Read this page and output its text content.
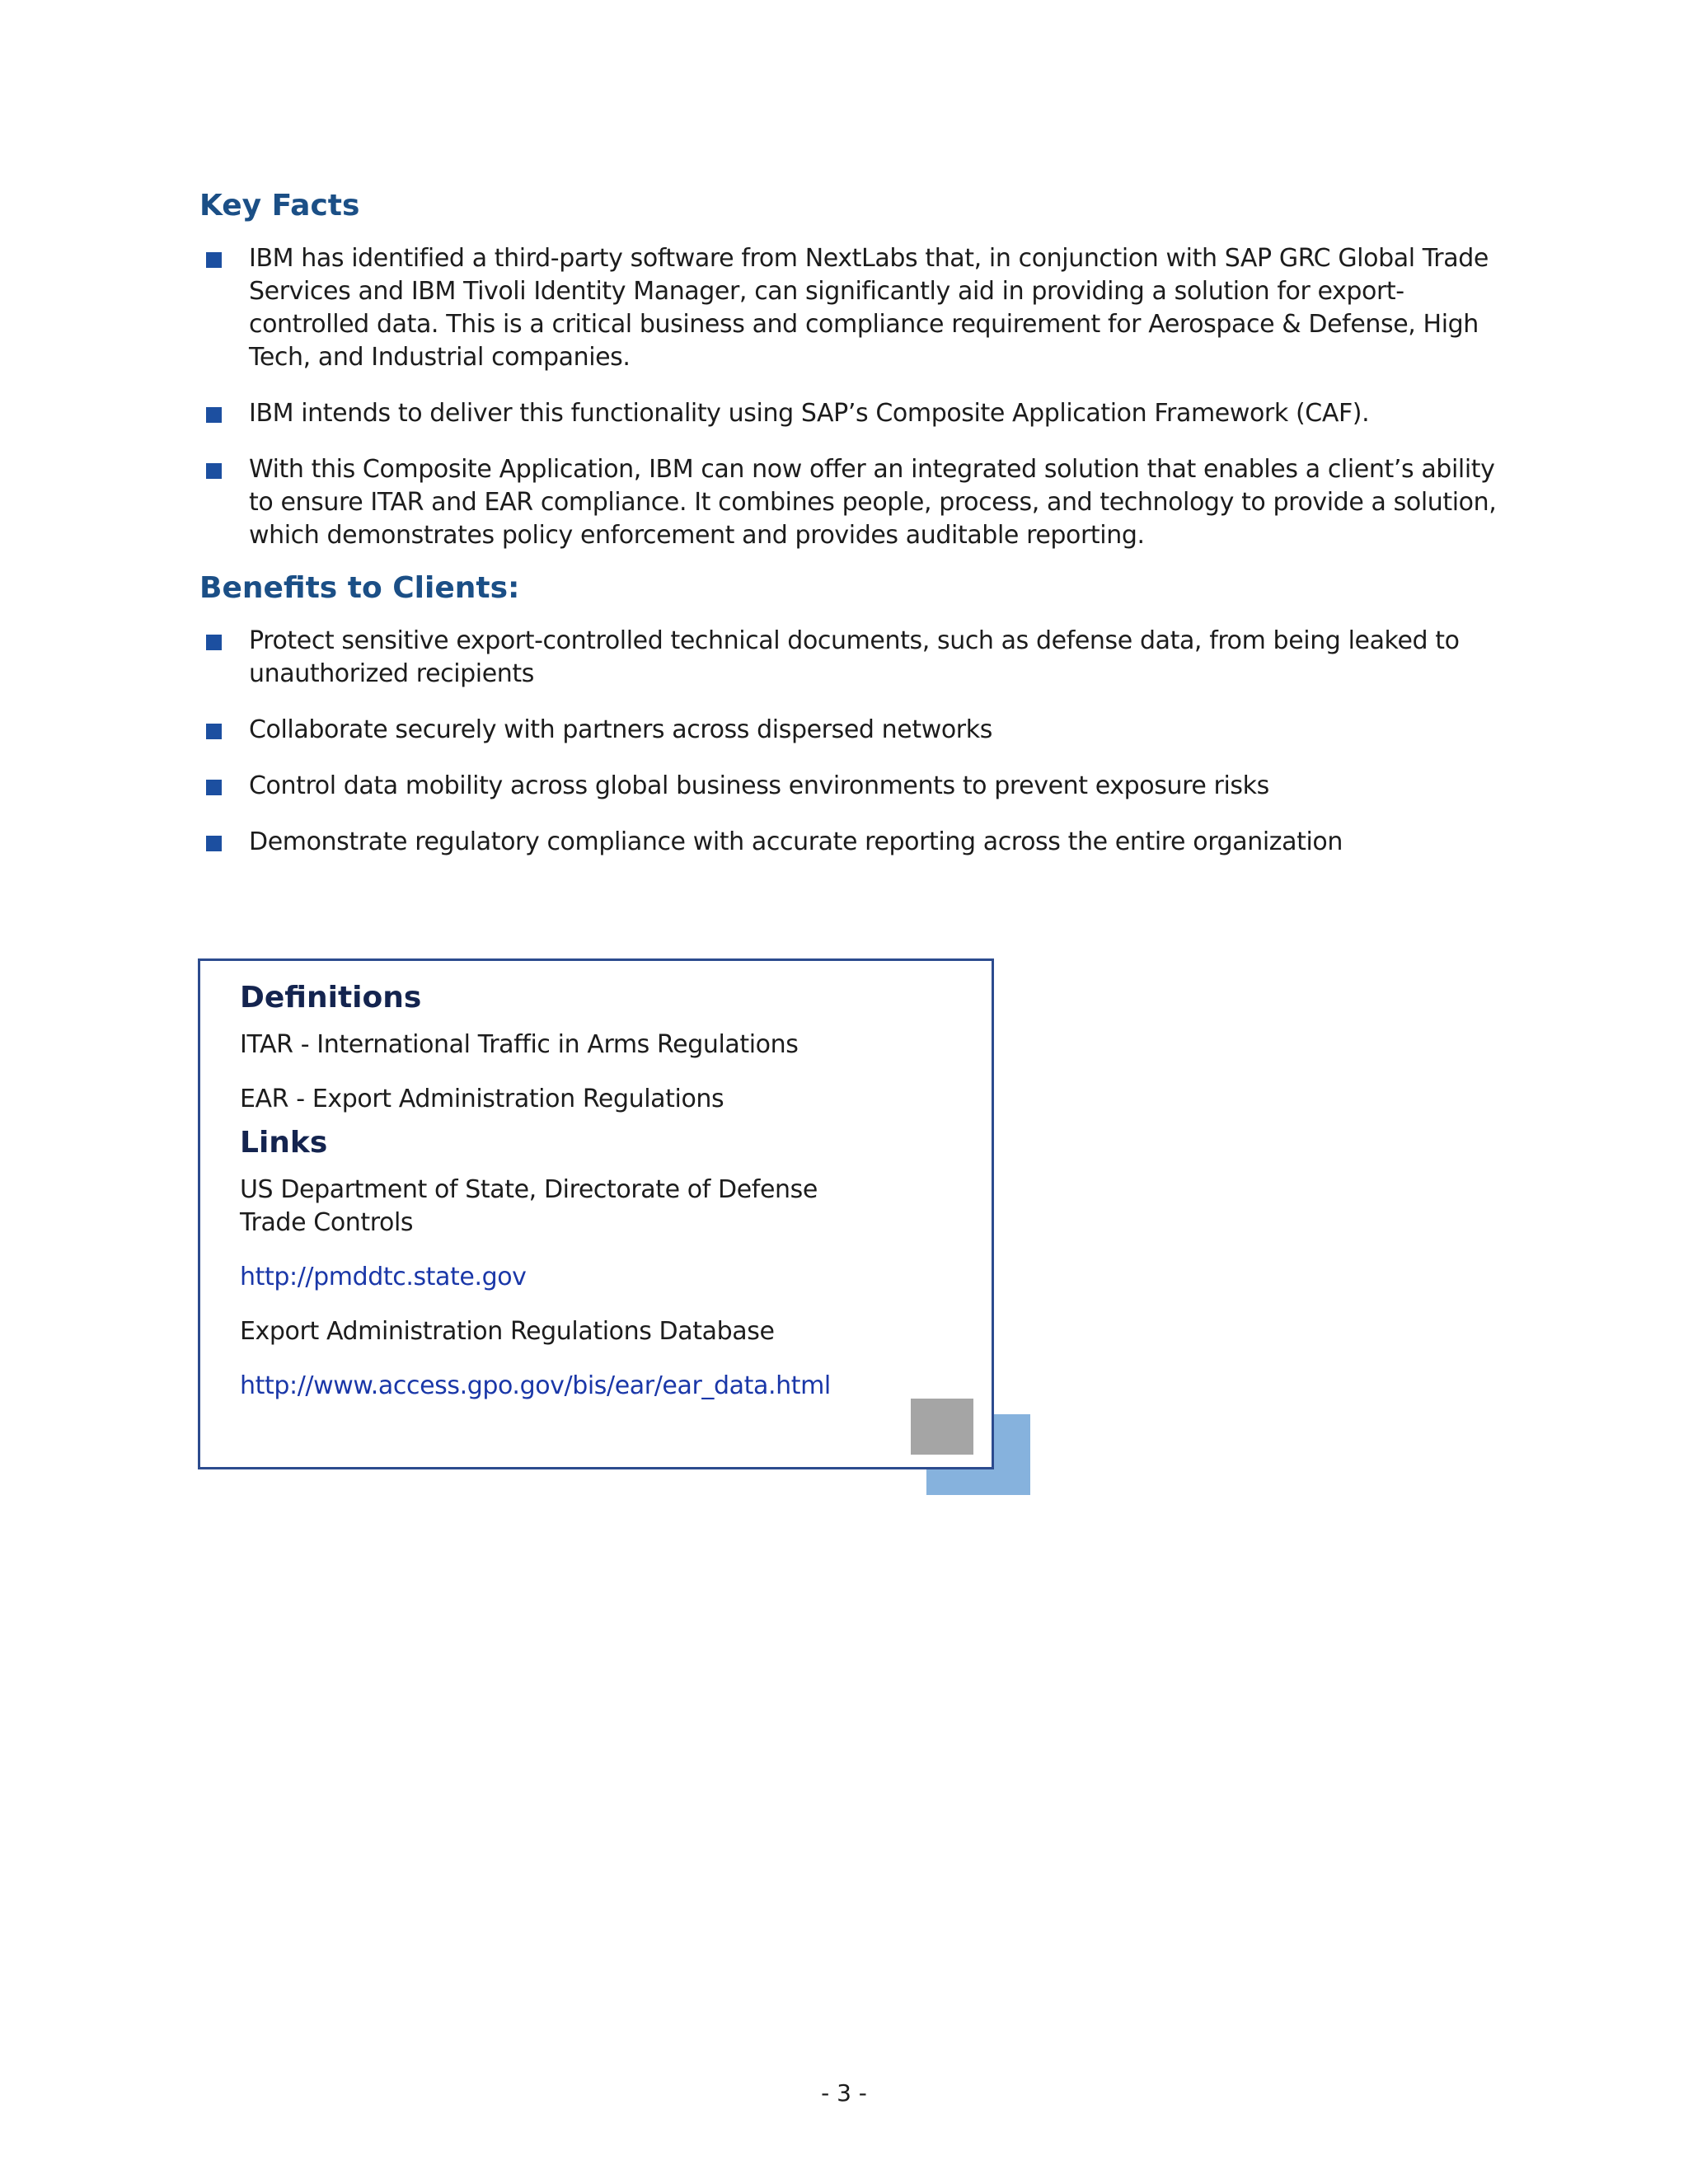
Key Facts
IBM has identified a third-party software from NextLabs that, in conjunction with SAP GRC Global Trade Services and IBM Tivoli Identity Manager, can significantly aid in providing a solution for export-controlled data. This is a critical business and compliance requirement for Aerospace & Defense, High Tech, and Industrial companies.
IBM intends to deliver this functionality using SAP’s Composite Application Framework (CAF).
With this Composite Application, IBM can now offer an integrated solution that enables a client’s ability to ensure ITAR and EAR compliance. It combines people, process, and technology to provide a solution, which demonstrates policy enforcement and provides auditable reporting.
Benefits to Clients:
Protect sensitive export-controlled technical documents, such as defense data, from being leaked to unauthorized recipients
Collaborate securely with partners across dispersed networks
Control data mobility across global business environments to prevent exposure risks
Demonstrate regulatory compliance with accurate reporting across the entire organization
Definitions

ITAR - International Traffic in Arms Regulations

EAR - Export Administration Regulations

Links

US Department of State, Directorate of Defense Trade Controls

http://pmddtc.state.gov

Export Administration Regulations Database

http://www.access.gpo.gov/bis/ear/ear_data.html
- 3 -
